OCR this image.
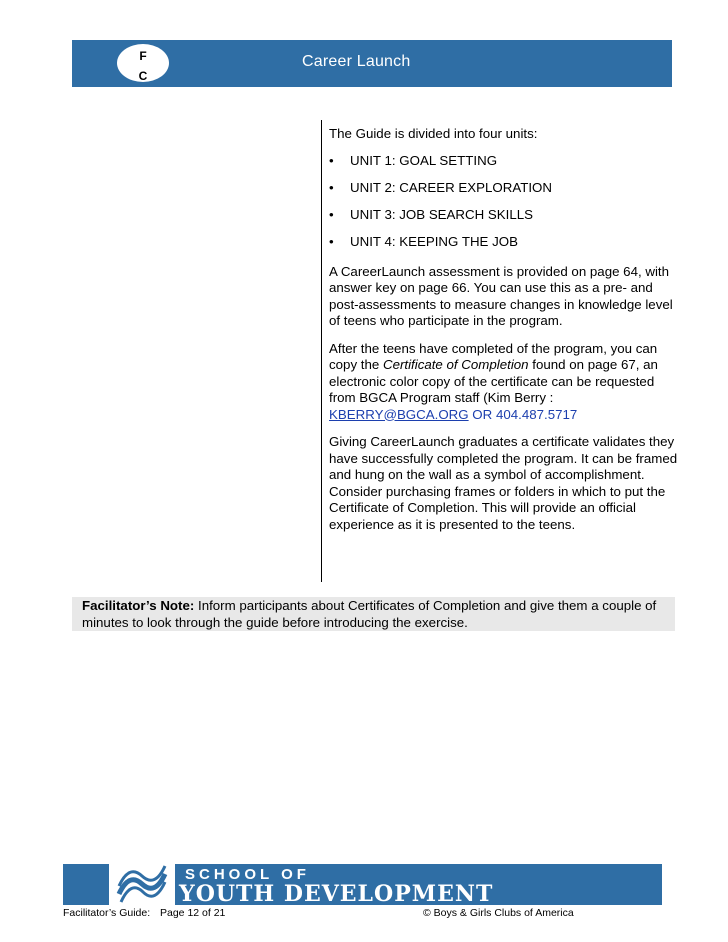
F
C
Career Launch

The Guide is divided into four units:

• UNIT 1: GOAL SETTING
• UNIT 2: CAREER EXPLORATION
• UNIT 3: JOB SEARCH SKILLS
• UNIT 4: KEEPING THE JOB

A CareerLaunch assessment is provided on page 64, with answer key on page 66. You can use this as a pre- and post-assessments to measure changes in knowledge level of teens who participate in the program.

After the teens have completed of the program, you can copy the Certificate of Completion found on page 67, an electronic color copy of the certificate can be requested from BGCA Program staff (Kim Berry : KBERRY@BGCA.ORG OR 404.487.5717

Giving CareerLaunch graduates a certificate validates they have successfully completed the program. It can be framed and hung on the wall as a symbol of accomplishment. Consider purchasing frames or folders in which to put the Certificate of Completion. This will provide an official experience as it is presented to the teens.

Facilitator’s Note: Inform participants about Certificates of Completion and give them a couple of minutes to look through the guide before introducing the exercise.
SCHOOL OF
YOUTH DEVELOPMENT
Facilitator’s Guide: Page 12 of 21	© Boys & Girls Clubs of America
